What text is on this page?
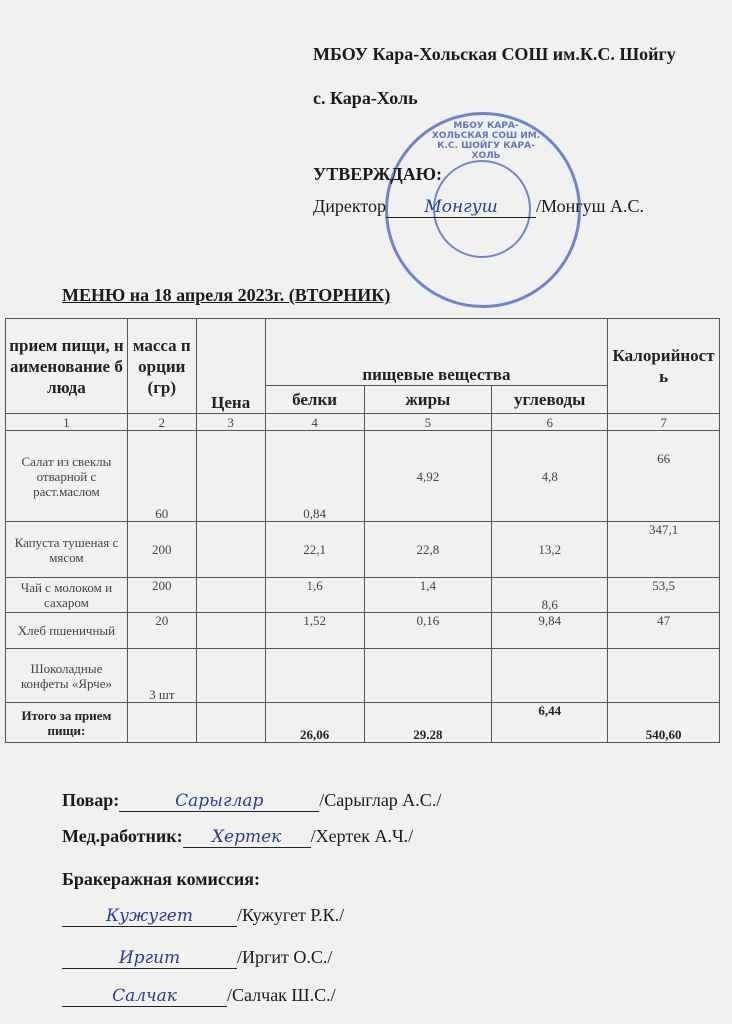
МБОУ КАРА-ХОЛЬСКАЯ СОШ ИМ. К.С. ШОЙГУ КАРА-ХОЛЬ
МБОУ Кара-Хольская СОШ им.К.С. Шойгу
с. Кара-Холь
УТВЕРЖДАЮ:
Директор Монгуш /Монгуш А.С.
МЕНЮ на 18 апреля 2023г. (ВТОРНИК)
прием пищи, наименование блюда	масса порции (гр)	Цена	пищевые вещества			Калорийность
			белки	жиры	углеводы	
1	2	3	4	5	6	7
Салат из свеклы отварной с раст.маслом	60		0,84	4,92	4,8	66
Капуста тушеная с мясом	200		22,1	22,8	13,2	347,1
Чай с молоком и сахаром	200		1,6	1,4	8,6	53,5
Хлеб пшеничный	20		1,52	0,16	9,84	47
Шоколадные конфеты «Ярче»	3 шт					
Итого за прием пищи:			26,06	29.28	6,44	540,60
Повар:	Сарыглар	/Сарыглар А.С./
Мед.работник: Хертек /Хертек А.Ч./
Бракеражная комиссия:
Кужугет /Кужугет Р.К./
Иргит	/Иргит О.С./
Салчак	/Салчак Ш.С./
